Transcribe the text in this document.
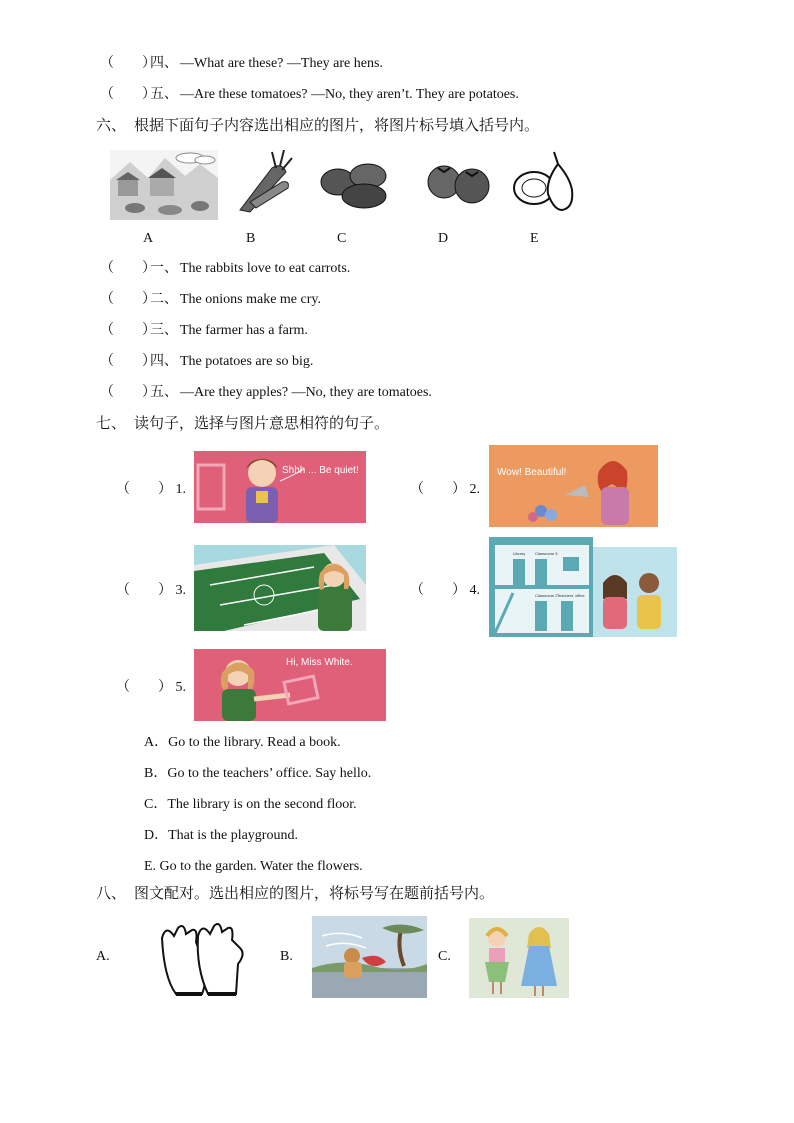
（　　）四、 —What are these? —They are hens.
（　　）五、 —Are these tomatoes? —No, they aren’t. They are potatoes.
六、 根据下面句子内容选出相应的图片，将图片标号填入括号内。
A	B	C	D	E
（　　）一、 The rabbits love to eat carrots.
（　　）二、 The onions make me cry.
（　　）三、 The farmer has a farm.
（　　）四、 The potatoes are so big.
（　　）五、 —Are they apples? —No, they are tomatoes.
七、 读句子，选择与图片意思相符的句子。
（　　） 1.
Shhh ... Be quiet!
（　　） 2.
Wow! Beautiful!
（　　） 3.	（　　） 4.
Library Classroom 3
Classroom 2 Teachers' office
（　　） 5.
Hi, Miss White.
A．Go to the library. Read a book.
B．Go to the teachers’ office. Say hello.
C．The library is on the second floor.
D．That is the playground.
E. Go to the garden. Water the flowers.
八、 图文配对。选出相应的图片，将标号写在题前括号内。
A.	B.	C.
